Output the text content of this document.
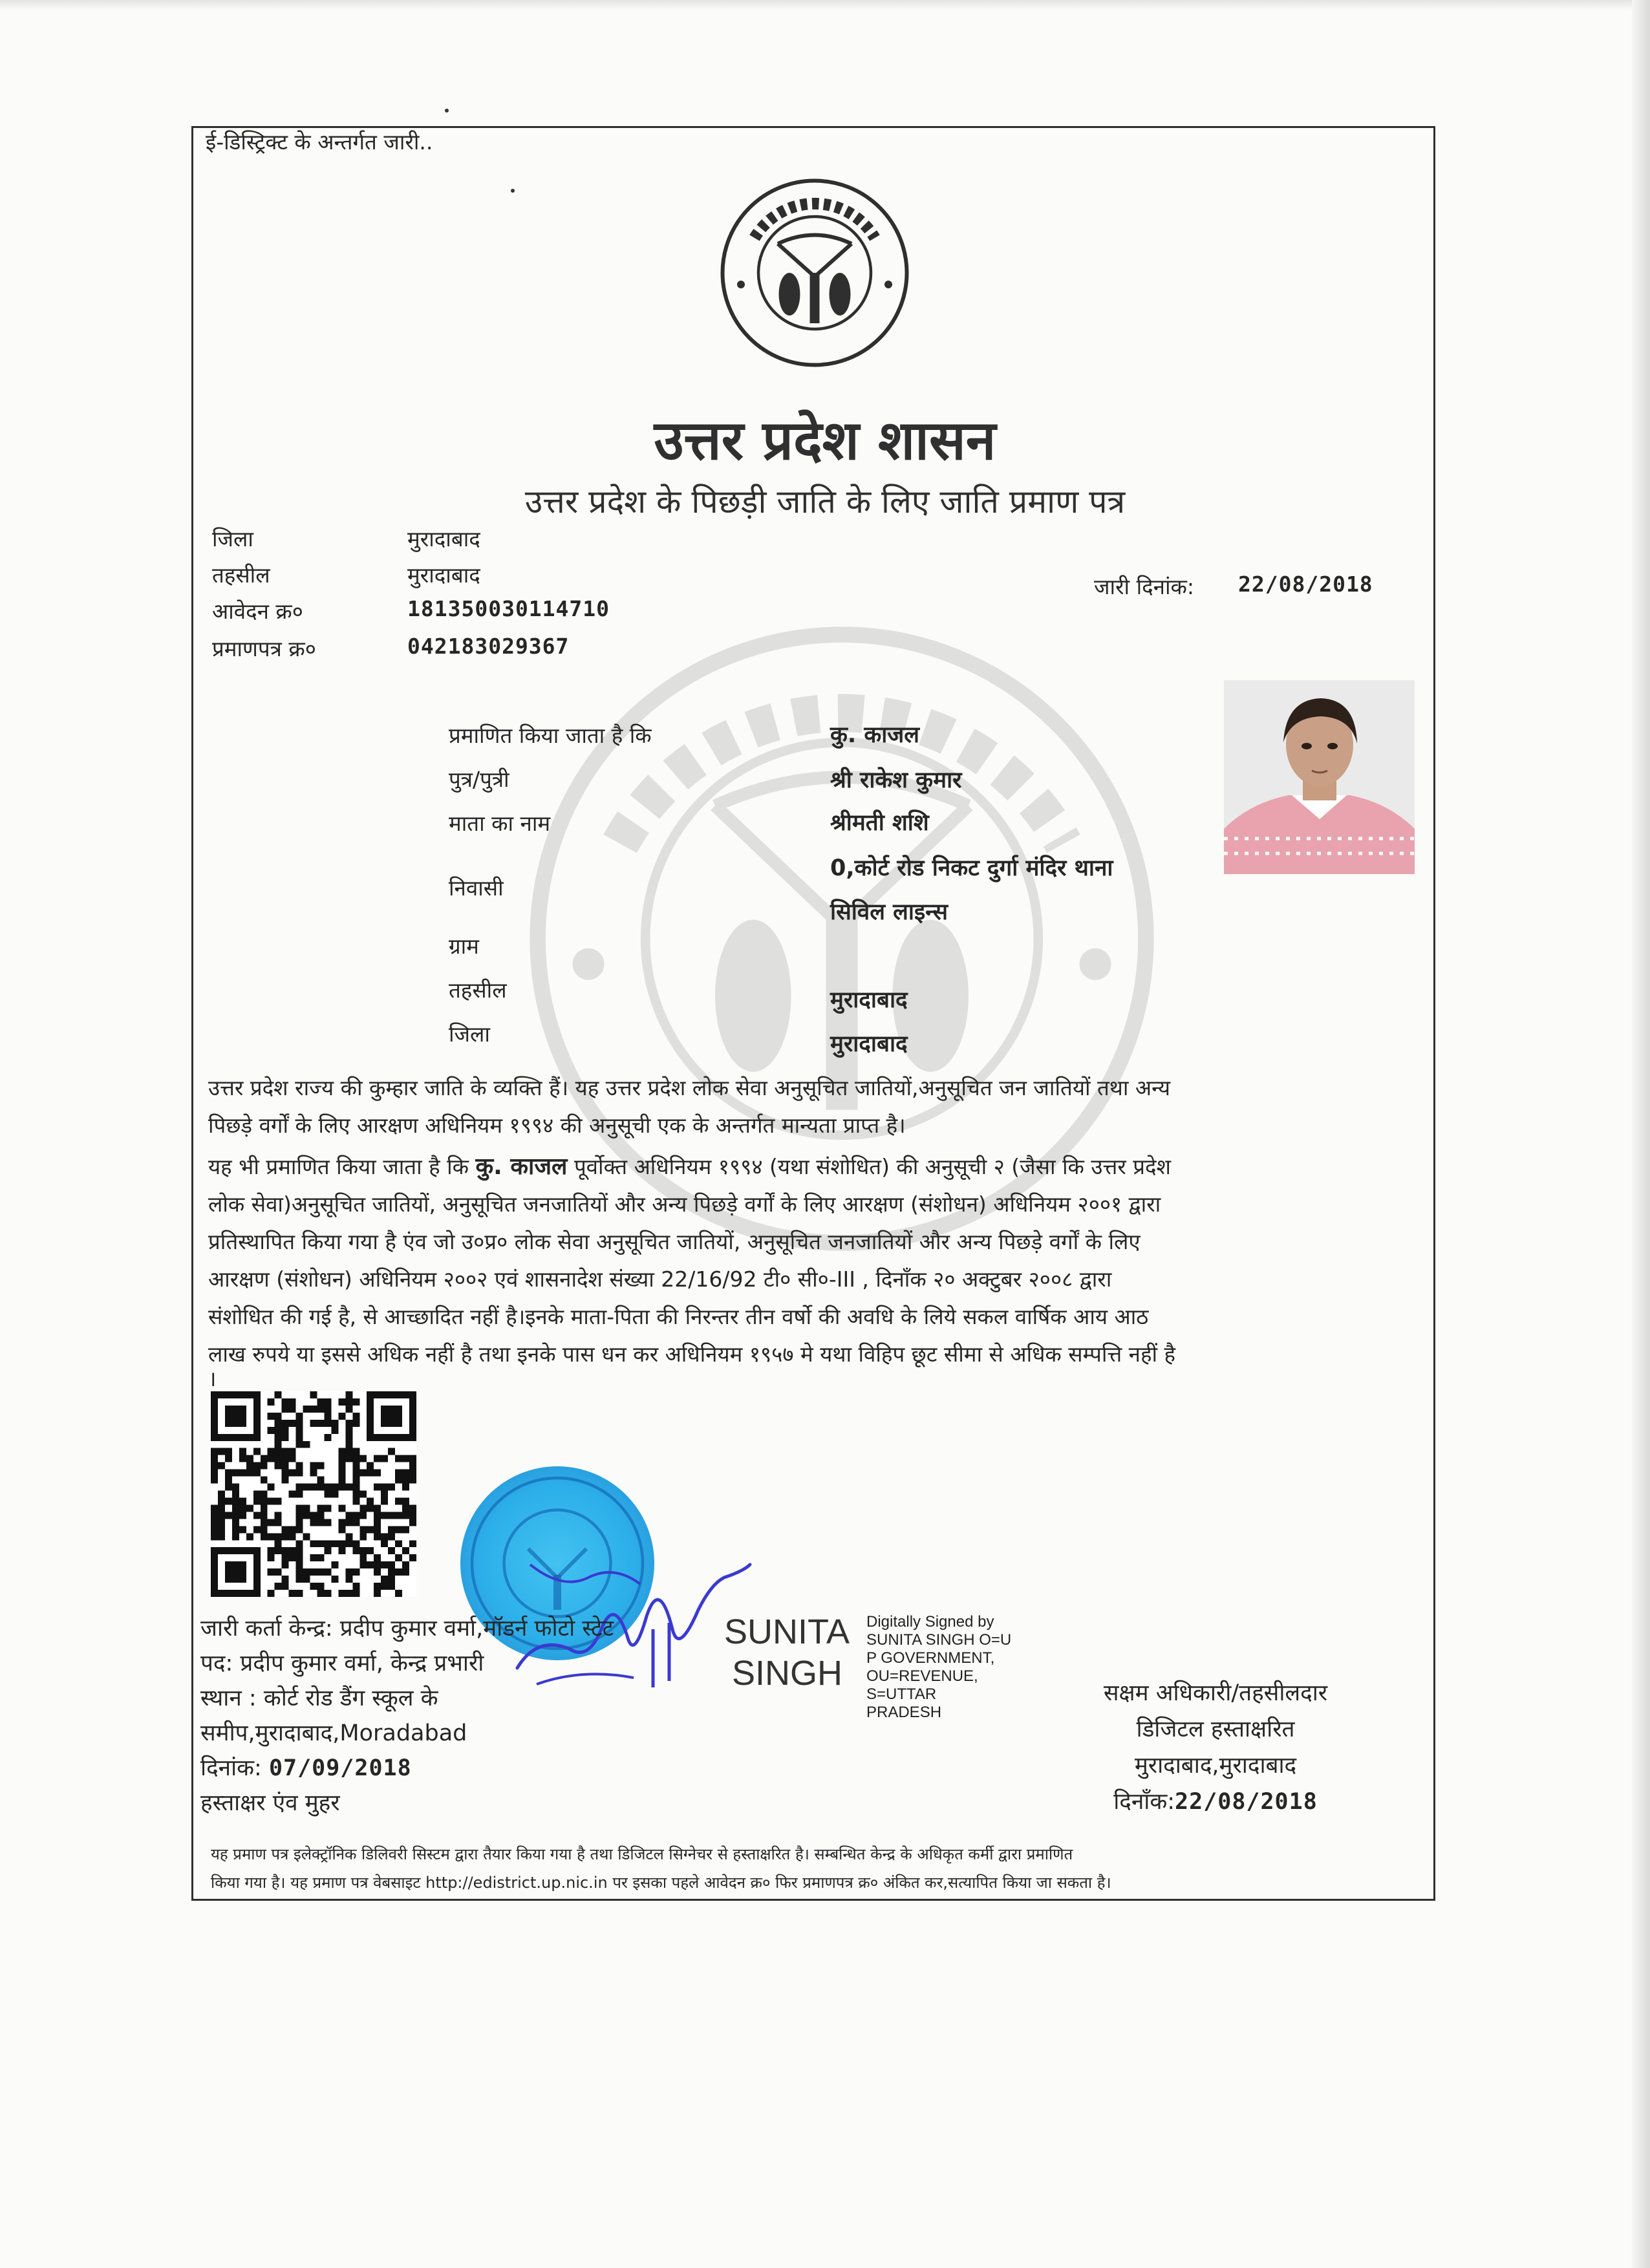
ई-डिस्ट्रिक्ट के अन्तर्गत जारी..
उत्तर प्रदेश शासन
उत्तर प्रदेश के पिछड़ी जाति के लिए जाति प्रमाण पत्र
जिला	मुरादाबाद
तहसील	मुरादाबाद
आवेदन क्र०	181350030114710
प्रमाणपत्र क्र०	042183029367
जारी दिनांक: 22/08/2018
प्रमाणित किया जाता है कि	कु. काजल
पुत्र/पुत्री	श्री राकेश कुमार
माता का नाम	श्रीमती शशि
निवासी
0,कोर्ट रोड निकट दुर्गा मंदिर थाना
सिविल लाइन्स
ग्राम
तहसील	मुरादाबाद
जिला	मुरादाबाद
उत्तर प्रदेश राज्य की कुम्हार जाति के व्यक्ति हैं। यह उत्तर प्रदेश लोक सेवा अनुसूचित जातियों,अनुसूचित जन जातियों तथा अन्य
पिछड़े वर्गों के लिए आरक्षण अधिनियम १९९४ की अनुसूची एक के अन्तर्गत मान्यता प्राप्त है।
यह भी प्रमाणित किया जाता है कि कु. काजल पूर्वोक्त अधिनियम १९९४ (यथा संशोधित) की अनुसूची २ (जैसा कि उत्तर प्रदेश
लोक सेवा)अनुसूचित जातियों, अनुसूचित जनजातियों और अन्य पिछड़े वर्गों के लिए आरक्षण (संशोधन) अधिनियम २००१ द्वारा
प्रतिस्थापित किया गया है एंव जो उ०प्र० लोक सेवा अनुसूचित जातियों, अनुसूचित जनजातियों और अन्य पिछड़े वर्गों के लिए
आरक्षण (संशोधन) अधिनियम २००२ एवं शासनादेश संख्या 22/16/92 टी० सी०-III , दिनाँक २० अक्टुबर २००८ द्वारा
संशोधित की गई है, से आच्छादित नहीं है।इनके माता-पिता की निरन्तर तीन वर्षो की अवधि के लिये सकल वार्षिक आय आठ
लाख रुपये या इससे अधिक नहीं है तथा इनके पास धन कर अधिनियम १९५७ मे यथा विहिप छूट सीमा से अधिक सम्पत्ति नहीं है
।
SUNITA
SINGH
Digitally Signed by
SUNITA SINGH O=U
P GOVERNMENT,
OU=REVENUE,
S=UTTAR
PRADESH
जारी कर्ता केन्द्र: प्रदीप कुमार वर्मा,मॉडर्न फोटो स्टेट
पद: प्रदीप कुमार वर्मा, केन्द्र प्रभारी
स्थान : कोर्ट रोड डैंग स्कूल के
समीप,मुरादाबाद,Moradabad
दिनांक: 07/09/2018
हस्ताक्षर एंव मुहर
सक्षम अधिकारी/तहसीलदार
डिजिटल हस्ताक्षरित
मुरादाबाद,मुरादाबाद
दिनाँक:22/08/2018
यह प्रमाण पत्र इलेक्ट्रॉनिक डिलिवरी सिस्टम द्वारा तैयार किया गया है तथा डिजिटल सिग्नेचर से हस्ताक्षरित है। सम्बन्धित केन्द्र के अधिकृत कर्मी द्वारा प्रमाणित
किया गया है। यह प्रमाण पत्र वेबसाइट http://edistrict.up.nic.in पर इसका पहले आवेदन क्र० फिर प्रमाणपत्र क्र० अंकित कर,सत्यापित किया जा सकता है।
